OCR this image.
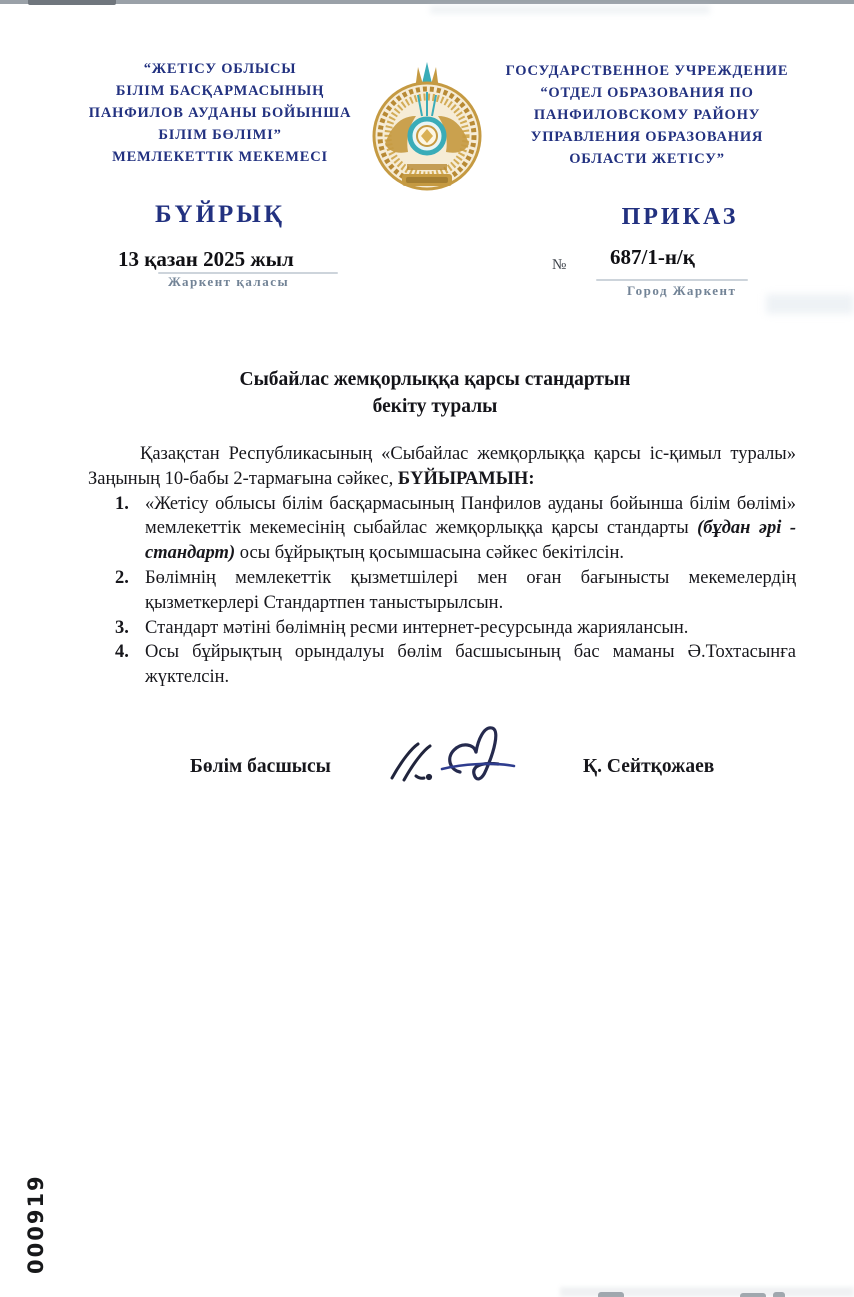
“ЖЕТІСУ ОБЛЫСЫ
БІЛІМ БАСҚАРМАСЫНЫҢ
ПАНФИЛОВ АУДАНЫ БОЙЫНША
БІЛІМ БӨЛІМІ”
МЕМЛЕКЕТТІК МЕКЕМЕСІ
ГОСУДАРСТВЕННОЕ УЧРЕЖДЕНИЕ
“ОТДЕЛ ОБРАЗОВАНИЯ ПО
ПАНФИЛОВСКОМУ РАЙОНУ
УПРАВЛЕНИЯ ОБРАЗОВАНИЯ
ОБЛАСТИ ЖЕТІСУ”
БҮЙРЫҚ	ПРИКАЗ
13 қазан 2025 жыл
Жаркент қаласы
№ 687/1-н/қ
Город Жаркент
Сыбайлас жемқорлыққа қарсы стандартын
бекіту туралы

Қазақстан Республикасының «Сыбайлас жемқорлыққа қарсы іс-қимыл туралы» Заңының 10-бабы 2-тармағына сәйкес, БҮЙЫРАМЫН:

1. «Жетісу облысы білім басқармасының Панфилов ауданы бойынша білім бөлімі» мемлекеттік мекемесінің сыбайлас жемқорлыққа қарсы стандарты (бұдан әрі - стандарт) осы бұйрықтың қосымшасына сәйкес бекітілсін.
2. Бөлімнің мемлекеттік қызметшілері мен оған бағынысты мекемелердің қызметкерлері Стандартпен таныстырылсын.
3. Стандарт мәтіні бөлімнің ресми интернет-ресурсында жариялансын.
4. Осы бұйрықтың орындалуы бөлім басшысының бас маманы Ә.Тохтасынға жүктелсін.
Бөлім басшысы	Қ. Сейтқожаев
000919
